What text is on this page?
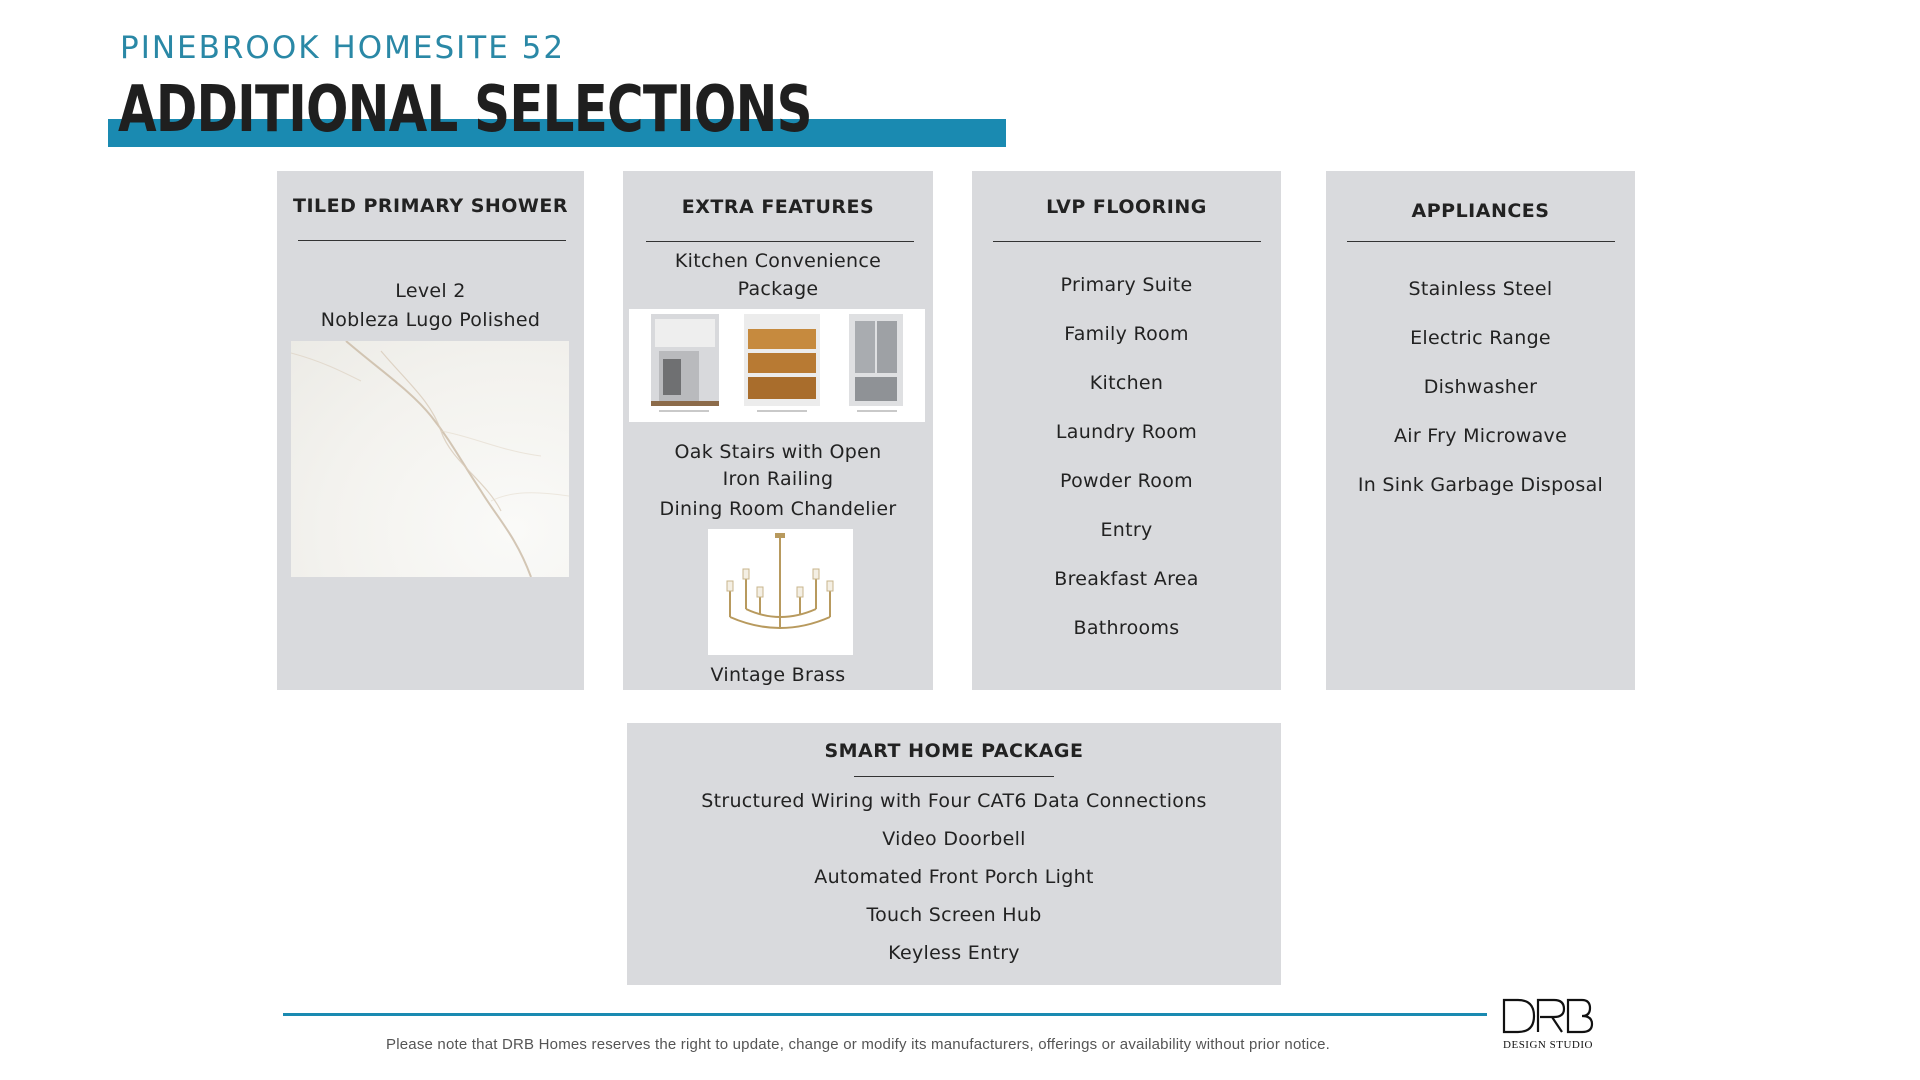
PINEBROOK HOMESITE 52
ADDITIONAL SELECTIONS
TILED PRIMARY SHOWER
Level 2
Nobleza Lugo Polished
EXTRA FEATURES
Kitchen Convenience
Package
Oak Stairs with Open
Iron Railing
Dining Room Chandelier
Vintage Brass
LVP FLOORING
Primary Suite
Family Room
Kitchen
Laundry Room
Powder Room
Entry
Breakfast Area
Bathrooms
APPLIANCES
Stainless Steel
Electric Range
Dishwasher
Air Fry Microwave
In Sink Garbage Disposal
SMART HOME PACKAGE
Structured Wiring with Four CAT6 Data Connections
Video Doorbell
Automated Front Porch Light
Touch Screen Hub
Keyless Entry
Please note that DRB Homes reserves the right to update, change or modify its manufacturers, offerings or availability without prior notice.	DESIGN STUDIO
